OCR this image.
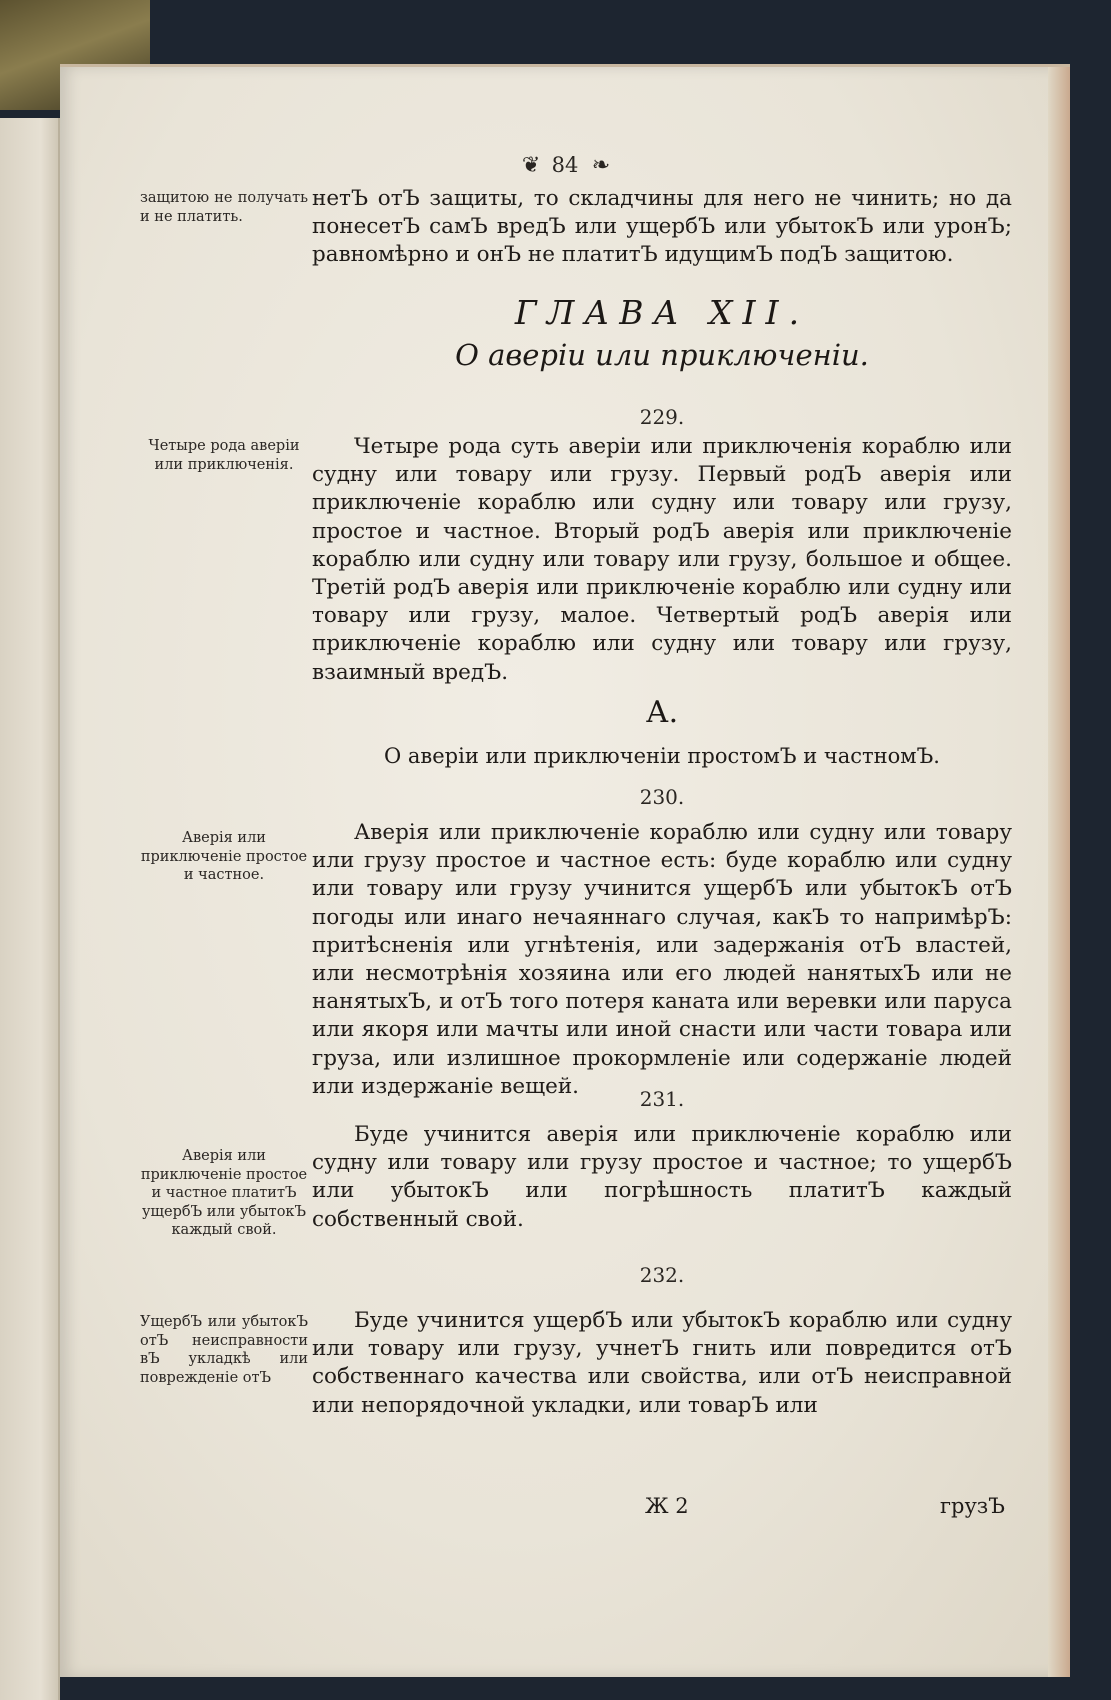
❦ 84 ❧
защитою не получать и не платить.

нетЪ отЪ защиты, то складчины для него не чинить; но да понесетЪ самЪ вредЪ или ущербЪ или убытокЪ или уронЪ; равномѣрно и онЪ не платитЪ идущимЪ подЪ защитою.

ГЛАВА XII.
О аверіи или приключеніи.
229.
Четыре рода аверіи или приключенія.

Четыре рода суть аверіи или приключенія кораблю или судну или товару или грузу. Первый родЪ аверія или приключеніе кораблю или судну или товару или грузу, простое и частное. Вторый родЪ аверія или приключеніе кораблю или судну или товару или грузу, большое и общее. Третій родЪ аверія или приключеніе кораблю или судну или товару или грузу, малое. Четвертый родЪ аверія или приключеніе кораблю или судну или товару или грузу, взаимный вредЪ.

А.
О аверіи или приключеніи простомЪ и частномЪ.
230.
Аверія или приключеніе простое и частное.

Аверія или приключеніе кораблю или судну или товару или грузу простое и частное есть: буде кораблю или судну или товару или грузу учинится ущербЪ или убытокЪ отЪ погоды или инаго нечаяннаго случая, какЪ то напримѣрЪ: притѣсненія или угнѣтенія, или задержанія отЪ властей, или несмотрѣнія хозяина или его людей нанятыхЪ или не нанятыхЪ, и отЪ того потеря каната или веревки или паруса или якоря или мачты или иной снасти или части товара или груза, или излишное прокормленіе или содержаніе людей или издержаніе вещей.

231.
Аверія или приключеніе простое и частное платитЪ ущербЪ или убытокЪ каждый свой.

Буде учинится аверія или приключеніе кораблю или судну или товару или грузу простое и частное; то ущербЪ или убытокЪ или погрѣшность платитЪ каждый собственный свой.

232.
УщербЪ или убытокЪ отЪ неисправности вЪ укладкѣ или поврежденіе отЪ

Буде учинится ущербЪ или убытокЪ кораблю или судну или товару или грузу, учнетЪ гнить или повредится отЪ собственнаго качества или свойства, или отЪ неисправной или непорядочной укладки, или товарЪ или

Ж 2	грузЪ
